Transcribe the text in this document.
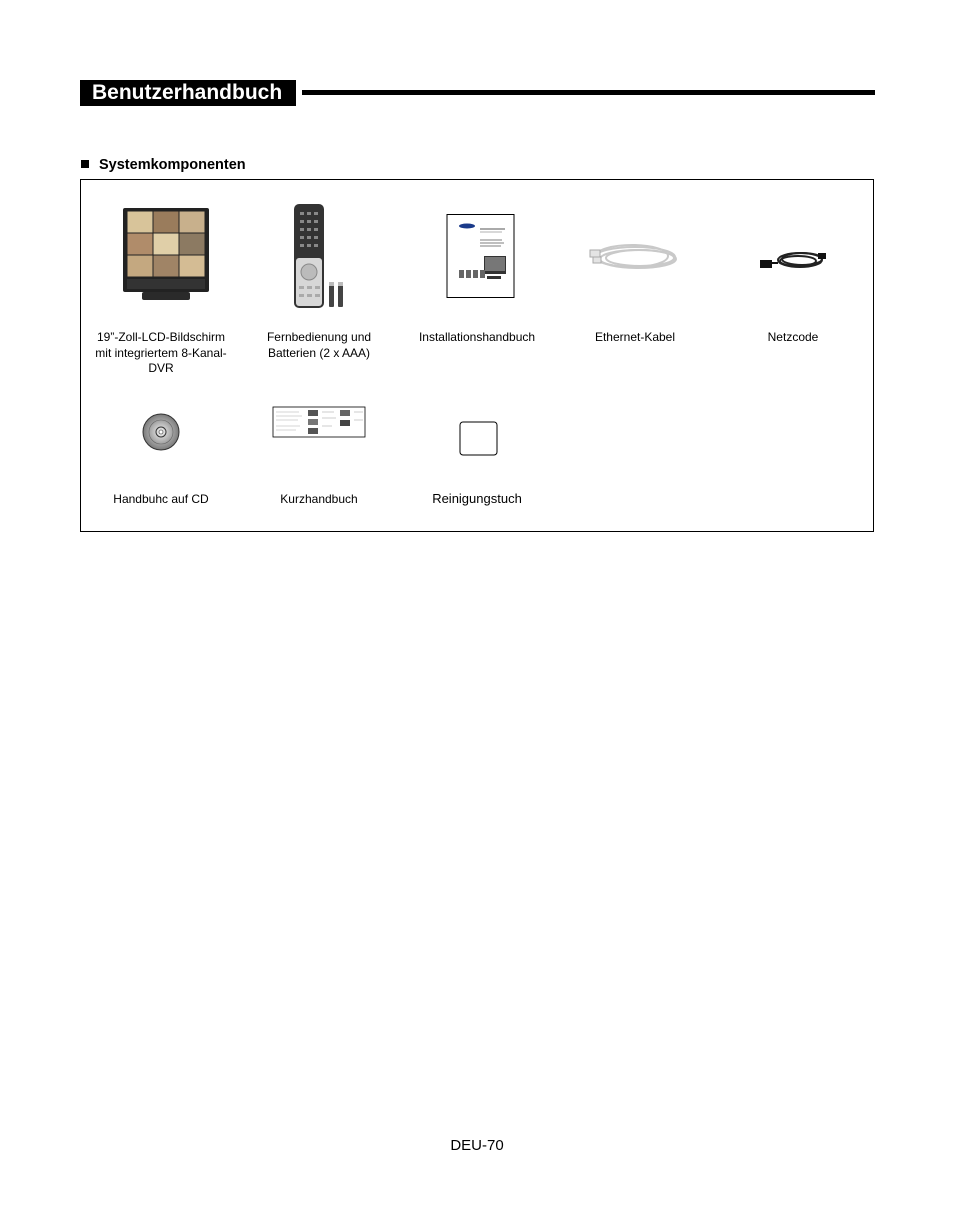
Benutzerhandbuch
Systemkomponenten
19”-Zoll-LCD-Bildschirm
mit integriertem 8-Kanal-
DVR
Fernbedienung und
Batterien (2 x AAA)
Installationshandbuch	Ethernet-Kabel	Netzcode
Handbuhc auf CD	Kurzhandbuch	Reinigungstuch
DEU-70
